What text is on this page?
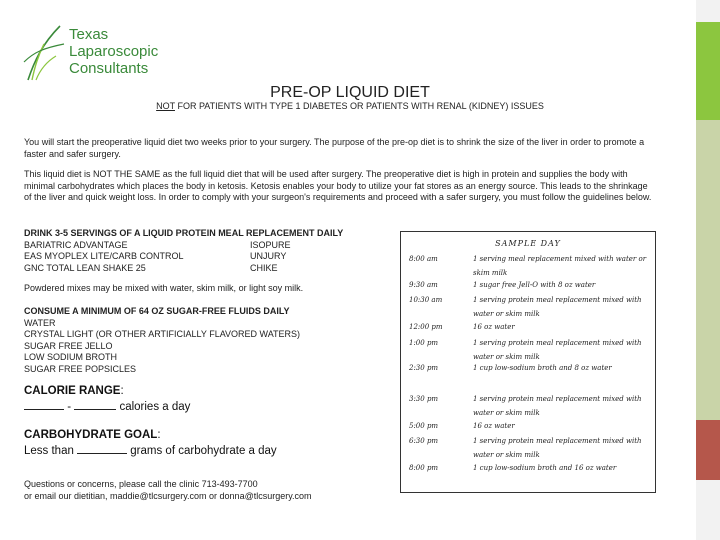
Texas
Laparoscopic
Consultants
PRE-OP LIQUID DIET
NOT FOR PATIENTS WITH TYPE 1 DIABETES OR PATIENTS WITH RENAL (KIDNEY) ISSUES
You will start the preoperative liquid diet two weeks prior to your surgery. The purpose of the pre-op diet is to shrink the size of the liver in order to promote a faster and safer surgery.
This liquid diet is NOT THE SAME as the full liquid diet that will be used after surgery. The preoperative diet is high in protein and supplies the body with minimal carbohydrates which places the body in ketosis. Ketosis enables your body to utilize your fat stores as an energy source. This leads to the shrinkage of the liver and quick weight loss. In order to comply with your surgeon's requirements and proceed with a safer surgery, you must follow the guidelines below.
DRINK 3-5 SERVINGS OF A LIQUID PROTEIN MEAL REPLACEMENT DAILY
BARIATRIC ADVANTAGE	ISOPURE
EAS MYOPLEX LITE/CARB CONTROL	UNJURY
GNC TOTAL LEAN SHAKE 25	CHIKE
Powdered mixes may be mixed with water, skim milk, or light soy milk.
CONSUME A MINIMUM OF 64 OZ SUGAR-FREE FLUIDS DAILY
WATER
CRYSTAL LIGHT (OR OTHER ARTIFICIALLY FLAVORED WATERS)
SUGAR FREE JELLO
LOW SODIUM BROTH
SUGAR FREE POPSICLES
CALORIE RANGE:
-	calories a day
CARBOHYDRATE GOAL:
Less than	grams of carbohydrate a day
Questions or concerns, please call the clinic 713-493-7700
or email our dietitian, maddie@tlcsurgery.com or donna@tlcsurgery.com
SAMPLE DAY
8:00 am	1 serving meal replacement mixed with water or skim milk
9:30 am	1 sugar free Jell-O with 8 oz water
10:30 am	1 serving protein meal replacement mixed with water or skim milk
12:00 pm	16 oz water
1:00 pm	1 serving protein meal replacement mixed with water or skim milk
2:30 pm	1 cup low-sodium broth and 8 oz water
3:30 pm	1 serving protein meal replacement mixed with water or skim milk
5:00 pm	16 oz water
6:30 pm	1 serving protein meal replacement mixed with water or skim milk
8:00 pm	1 cup low-sodium broth and 16 oz water
